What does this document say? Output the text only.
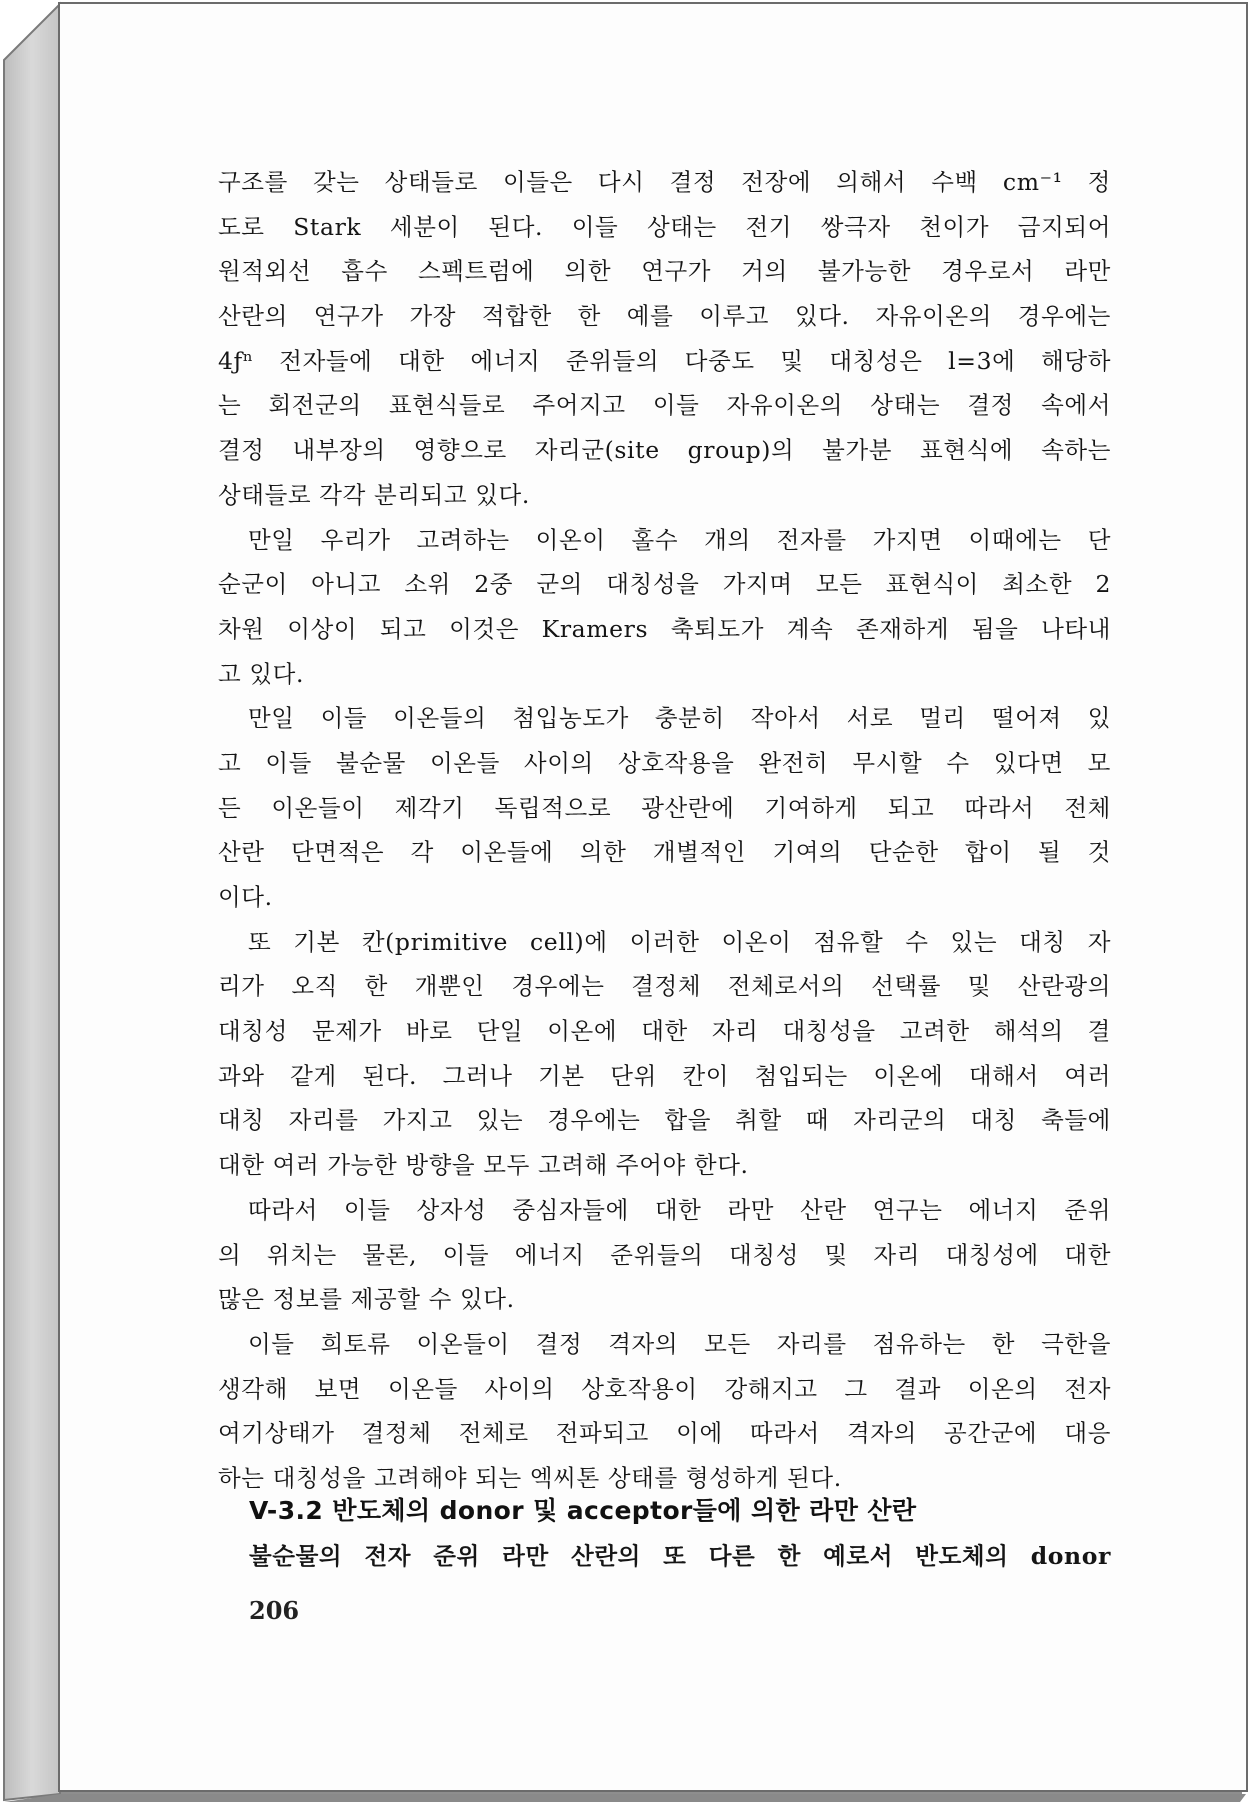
구조를 갖는 상태들로 이들은 다시 결정 전장에 의해서 수백 cm⁻¹ 정
도로 Stark 세분이 된다. 이들 상태는 전기 쌍극자 천이가 금지되어
원적외선 흡수 스펙트럼에 의한 연구가 거의 불가능한 경우로서 라만
산란의 연구가 가장 적합한 한 예를 이루고 있다. 자유이온의 경우에는
4ƒⁿ 전자들에 대한 에너지 준위들의 다중도 및 대칭성은 l=3에 해당하
는 회전군의 표현식들로 주어지고 이들 자유이온의 상태는 결정 속에서
결정 내부장의 영향으로 자리군(site group)의 불가분 표현식에 속하는
상태들로 각각 분리되고 있다.
만일 우리가 고려하는 이온이 홀수 개의 전자를 가지면 이때에는 단
순군이 아니고 소위 2중 군의 대칭성을 가지며 모든 표현식이 최소한 2
차원 이상이 되고 이것은 Kramers 축퇴도가 계속 존재하게 됨을 나타내
고 있다.
만일 이들 이온들의 첨입농도가 충분히 작아서 서로 멀리 떨어져 있
고 이들 불순물 이온들 사이의 상호작용을 완전히 무시할 수 있다면 모
든 이온들이 제각기 독립적으로 광산란에 기여하게 되고 따라서 전체
산란 단면적은 각 이온들에 의한 개별적인 기여의 단순한 합이 될 것
이다.
또 기본 칸(primitive cell)에 이러한 이온이 점유할 수 있는 대칭 자
리가 오직 한 개뿐인 경우에는 결정체 전체로서의 선택률 및 산란광의
대칭성 문제가 바로 단일 이온에 대한 자리 대칭성을 고려한 해석의 결
과와 같게 된다. 그러나 기본 단위 칸이 첨입되는 이온에 대해서 여러
대칭 자리를 가지고 있는 경우에는 합을 취할 때 자리군의 대칭 축들에
대한 여러 가능한 방향을 모두 고려해 주어야 한다.
따라서 이들 상자성 중심자들에 대한 라만 산란 연구는 에너지 준위
의 위치는 물론, 이들 에너지 준위들의 대칭성 및 자리 대칭성에 대한
많은 정보를 제공할 수 있다.
이들 희토류 이온들이 결정 격자의 모든 자리를 점유하는 한 극한을
생각해 보면 이온들 사이의 상호작용이 강해지고 그 결과 이온의 전자
여기상태가 결정체 전체로 전파되고 이에 따라서 격자의 공간군에 대응
하는 대칭성을 고려해야 되는 엑씨톤 상태를 형성하게 된다.
V-3.2 반도체의 donor 및 acceptor들에 의한 라만 산란
불순물의 전자 준위 라만 산란의 또 다른 한 예로서 반도체의 donor
206
